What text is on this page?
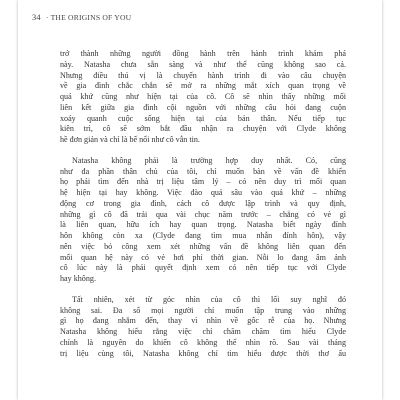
34 · THE ORIGINS OF YOU
trở thành những người đồng hành trên hành trình khám phá
này. Natasha chưa sẵn sàng và như thể cũng không sao cả.
Nhưng điều thú vị là chuyến hành trình đi vào câu chuyện
về gia đình chắc chắn sẽ mở ra những mắt xích quan trọng về
quá khứ cũng như hiện tại của cô. Cô sẽ nhìn thấy những mối
liên kết giữa gia đình cội nguồn với những câu hỏi đang cuộn
xoáy quanh cuộc sống hiện tại của bản thân. Nếu tiếp tục
kiên trì, cô sẽ sớm bắt đầu nhận ra chuyện với Clyde không
hề đơn giản và chỉ là bế nổi như cô vẫn tin.
Natasha không phải là trường hợp duy nhất. Có, cũng
như đa phần thân chủ của tôi, chỉ muốn bàn về vấn đề khiến
họ phải tìm đến nhà trị liệu tâm lý – có nên duy trì mối quan
hệ hiện tại hay không. Việc đào quá sâu vào quá khứ – những
động cơ trong gia đình, cách cô được lập trình và quy định,
những gì cô đã trải qua vài chục năm trước – chẳng có vẻ gì
là liên quan, hữu ích hay quan trọng. Natasha biết ngày đính
hôn không còn xa (Clyde đang tìm mua nhẫn đính hôn), vậy
nên việc bỏ công xem xét những vấn đề không liên quan đến
mối quan hệ này có vẻ hơi phí thời gian. Nỗi lo đang âm ảnh
cô lúc này là phải quyết định xem có nên tiếp tục với Clyde
hay không.
Tất nhiên, xét từ góc nhìn của cô thì lối suy nghĩ đó
không sai. Đa số mọi người chỉ muốn tập trung vào những
gì họ đang nhắm đến, thay vì nhìn về gốc rễ của họ. Nhưng
Natasha không hiểu rằng việc chỉ chăm chăm tìm hiểu Clyde
chính là nguyên do khiến cô không thể nhìn rõ. Sau vài tháng
trị liệu cùng tôi, Natasha không chỉ tìm hiểu được thời thơ ấu
